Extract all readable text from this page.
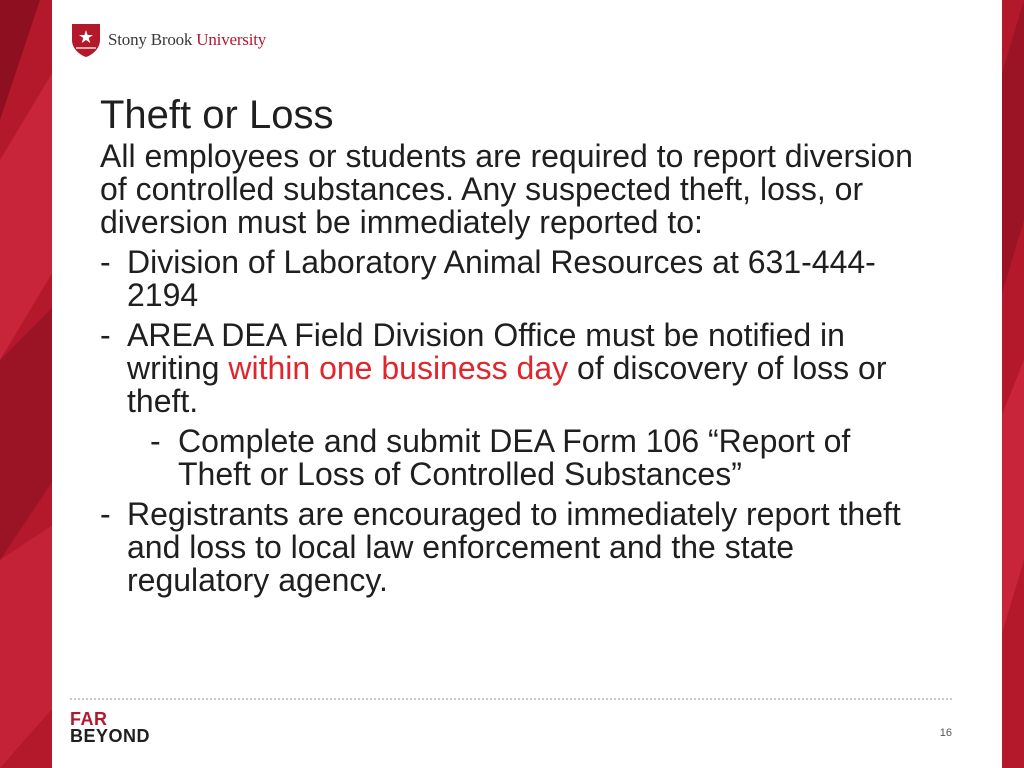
Stony Brook University
Theft or Loss

All employees or students are required to report diversion of controlled substances. Any suspected theft, loss, or diversion must be immediately reported to:

- Division of Laboratory Animal Resources at 631-444-2194
- AREA DEA Field Division Office must be notified in writing within one business day of discovery of loss or theft.
- Complete and submit DEA Form 106 “Report of Theft or Loss of Controlled Substances”
- Registrants are encouraged to immediately report theft and loss to local law enforcement and the state regulatory agency.
FAR
BEYOND	16
